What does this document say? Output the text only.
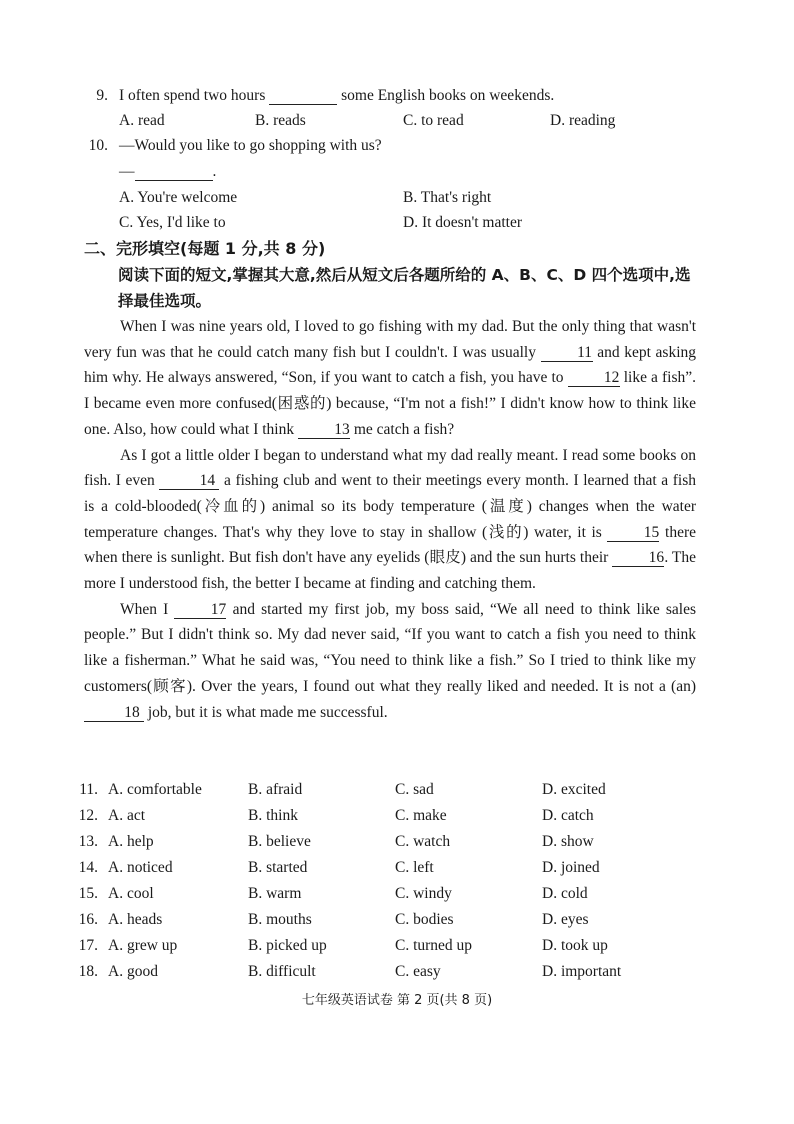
9. I often spend two hours	some English books on weekends.
A. read	B. reads	C. to read	D. reading
10. —Would you like to go shopping with us?
—	.
A. You're welcome	B. That's right
C. Yes, I'd like to	D. It doesn't matter
二、完形填空(每题 1 分,共 8 分)
阅读下面的短文,掌握其大意,然后从短文后各题所给的 A、B、C、D 四个选项中,选择最佳选项。

When I was nine years old, I loved to go fishing with my dad. But the only thing that wasn't very fun was that he could catch many fish but I couldn't. I was usually	11 and kept asking him why. He always answered, “Son, if you want to catch a fish, you have to	12 like a fish”. I became even more confused(困惑的) because, “I'm not a fish!” I didn't know how to think like one. Also, how could what I think	13 me catch a fish?

As I got a little older I began to understand what my dad really meant. I read some books on fish. I even	14 a fishing club and went to their meetings every month. I learned that a fish is a cold-blooded(冷血的) animal so its body temperature (温度) changes when the water temperature changes. That's why they love to stay in shallow (浅的) water, it is	15 there when there is sunlight. But fish don't have any eyelids (眼皮) and the sun hurts their	16. The more I understood fish, the better I became at finding and catching them.

When I	17 and started my first job, my boss said, “We all need to think like sales people.” But I didn't think so. My dad never said, “If you want to catch a fish you need to think like a fisherman.” What he said was, “You need to think like a fish.” So I tried to think like my customers(顾客). Over the years, I found out what they really liked and needed. It is not a (an) 18 job, but it is what made me successful.

11. A. comfortable	B. afraid	C. sad	D. excited
12. A. act	B. think	C. make	D. catch
13. A. help	B. believe	C. watch	D. show
14. A. noticed	B. started	C. left	D. joined
15. A. cool	B. warm	C. windy	D. cold
16. A. heads	B. mouths	C. bodies	D. eyes
17. A. grew up	B. picked up	C. turned up	D. took up
18. A. good	B. difficult	C. easy	D. important
七年级英语试卷 第 2 页(共 8 页)
